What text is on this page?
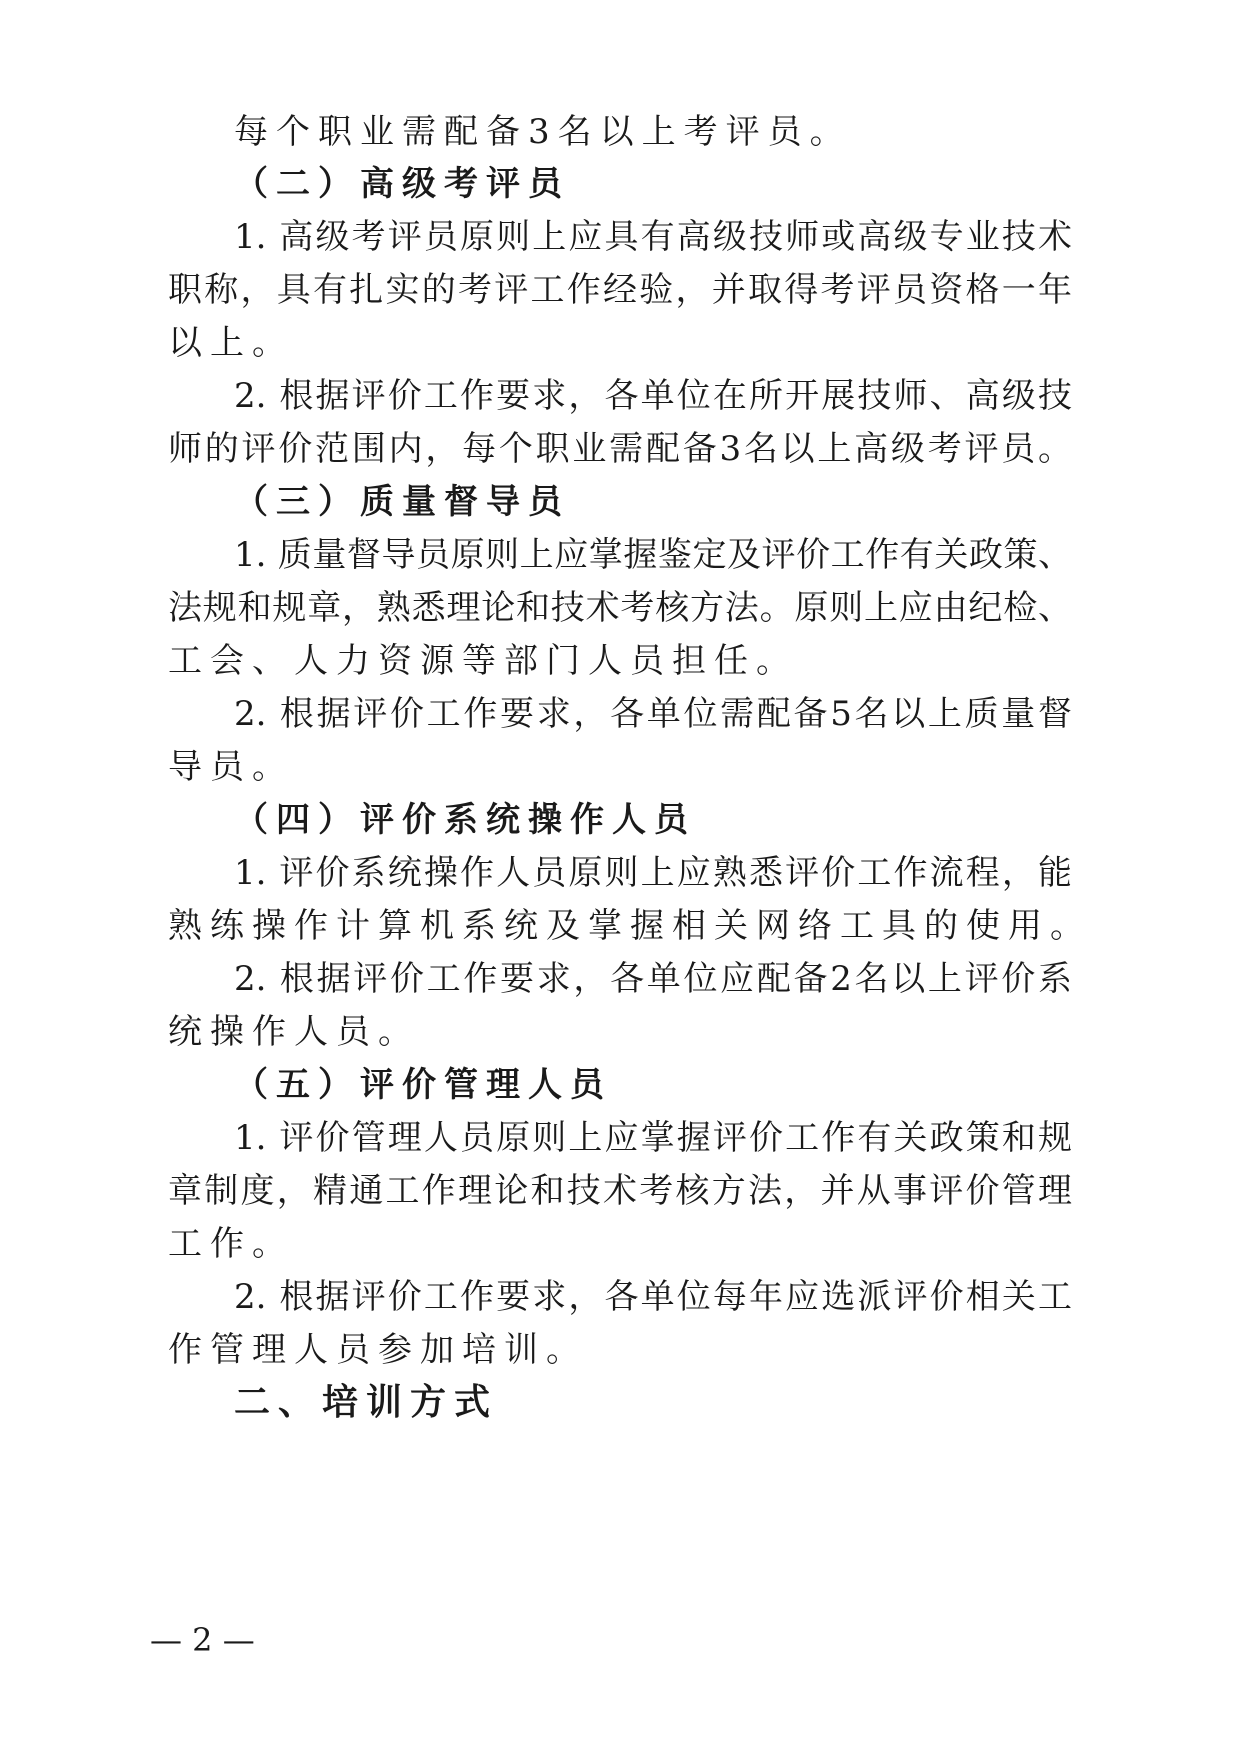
每个职业需配备3名以上考评员。
（二）高级考评员
1. 高级考评员原则上应具有高级技师或高级专业技术
职称，具有扎实的考评工作经验，并取得考评员资格一年
以上。
2. 根据评价工作要求，各单位在所开展技师、高级技
师的评价范围内，每个职业需配备3名以上高级考评员。
（三）质量督导员
1. 质量督导员原则上应掌握鉴定及评价工作有关政策、
法规和规章，熟悉理论和技术考核方法。原则上应由纪检、
工会、人力资源等部门人员担任。
2. 根据评价工作要求，各单位需配备5名以上质量督
导员。
（四）评价系统操作人员
1. 评价系统操作人员原则上应熟悉评价工作流程，能
熟练操作计算机系统及掌握相关网络工具的使用。
2. 根据评价工作要求，各单位应配备2名以上评价系
统操作人员。
（五）评价管理人员
1. 评价管理人员原则上应掌握评价工作有关政策和规
章制度，精通工作理论和技术考核方法，并从事评价管理
工作。
2. 根据评价工作要求，各单位每年应选派评价相关工
作管理人员参加培训。
二、培训方式
— 2 —
